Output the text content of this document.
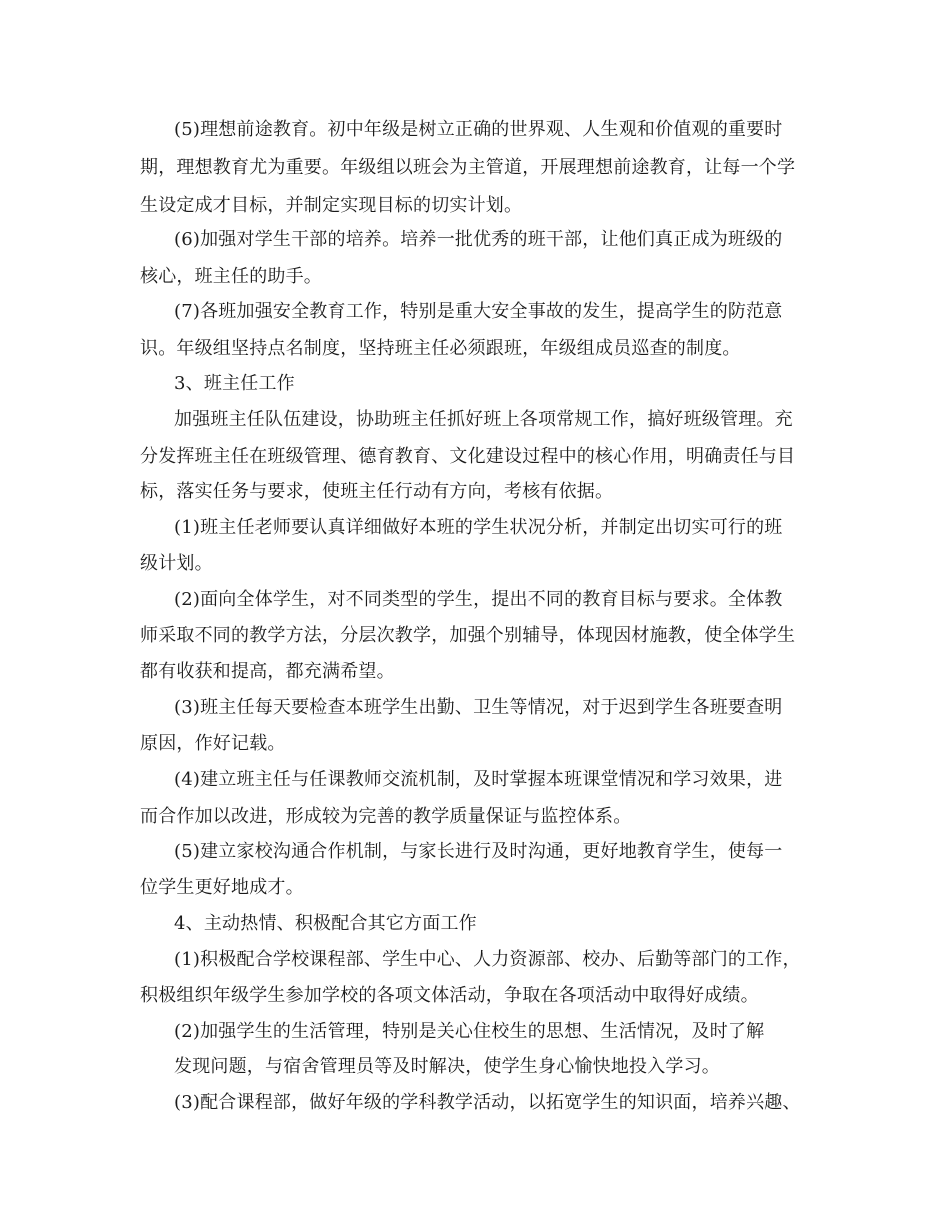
(5)理想前途教育。初中年级是树立正确的世界观、人生观和价值观的重要时
期，理想教育尤为重要。年级组以班会为主管道，开展理想前途教育，让每一个学
生设定成才目标，并制定实现目标的切实计划。
(6)加强对学生干部的培养。培养一批优秀的班干部，让他们真正成为班级的
核心，班主任的助手。
(7)各班加强安全教育工作，特别是重大安全事故的发生，提高学生的防范意
识。年级组坚持点名制度，坚持班主任必须跟班，年级组成员巡查的制度。
3、班主任工作
加强班主任队伍建设，协助班主任抓好班上各项常规工作，搞好班级管理。充
分发挥班主任在班级管理、德育教育、文化建设过程中的核心作用，明确责任与目
标，落实任务与要求，使班主任行动有方向，考核有依据。
(1)班主任老师要认真详细做好本班的学生状况分析，并制定出切实可行的班
级计划。
(2)面向全体学生，对不同类型的学生，提出不同的教育目标与要求。全体教
师采取不同的教学方法，分层次教学，加强个别辅导，体现因材施教，使全体学生
都有收获和提高，都充满希望。
(3)班主任每天要检查本班学生出勤、卫生等情况，对于迟到学生各班要查明
原因，作好记载。
(4)建立班主任与任课教师交流机制，及时掌握本班课堂情况和学习效果，进
而合作加以改进，形成较为完善的教学质量保证与监控体系。
(5)建立家校沟通合作机制，与家长进行及时沟通，更好地教育学生，使每一
位学生更好地成才。
4、主动热情、积极配合其它方面工作
(1)积极配合学校课程部、学生中心、人力资源部、校办、后勤等部门的工作，
积极组织年级学生参加学校的各项文体活动，争取在各项活动中取得好成绩。
(2)加强学生的生活管理，特别是关心住校生的思想、生活情况，及时了解
发现问题，与宿舍管理员等及时解决，使学生身心愉快地投入学习。
(3)配合课程部，做好年级的学科教学活动，以拓宽学生的知识面，培养兴趣、
